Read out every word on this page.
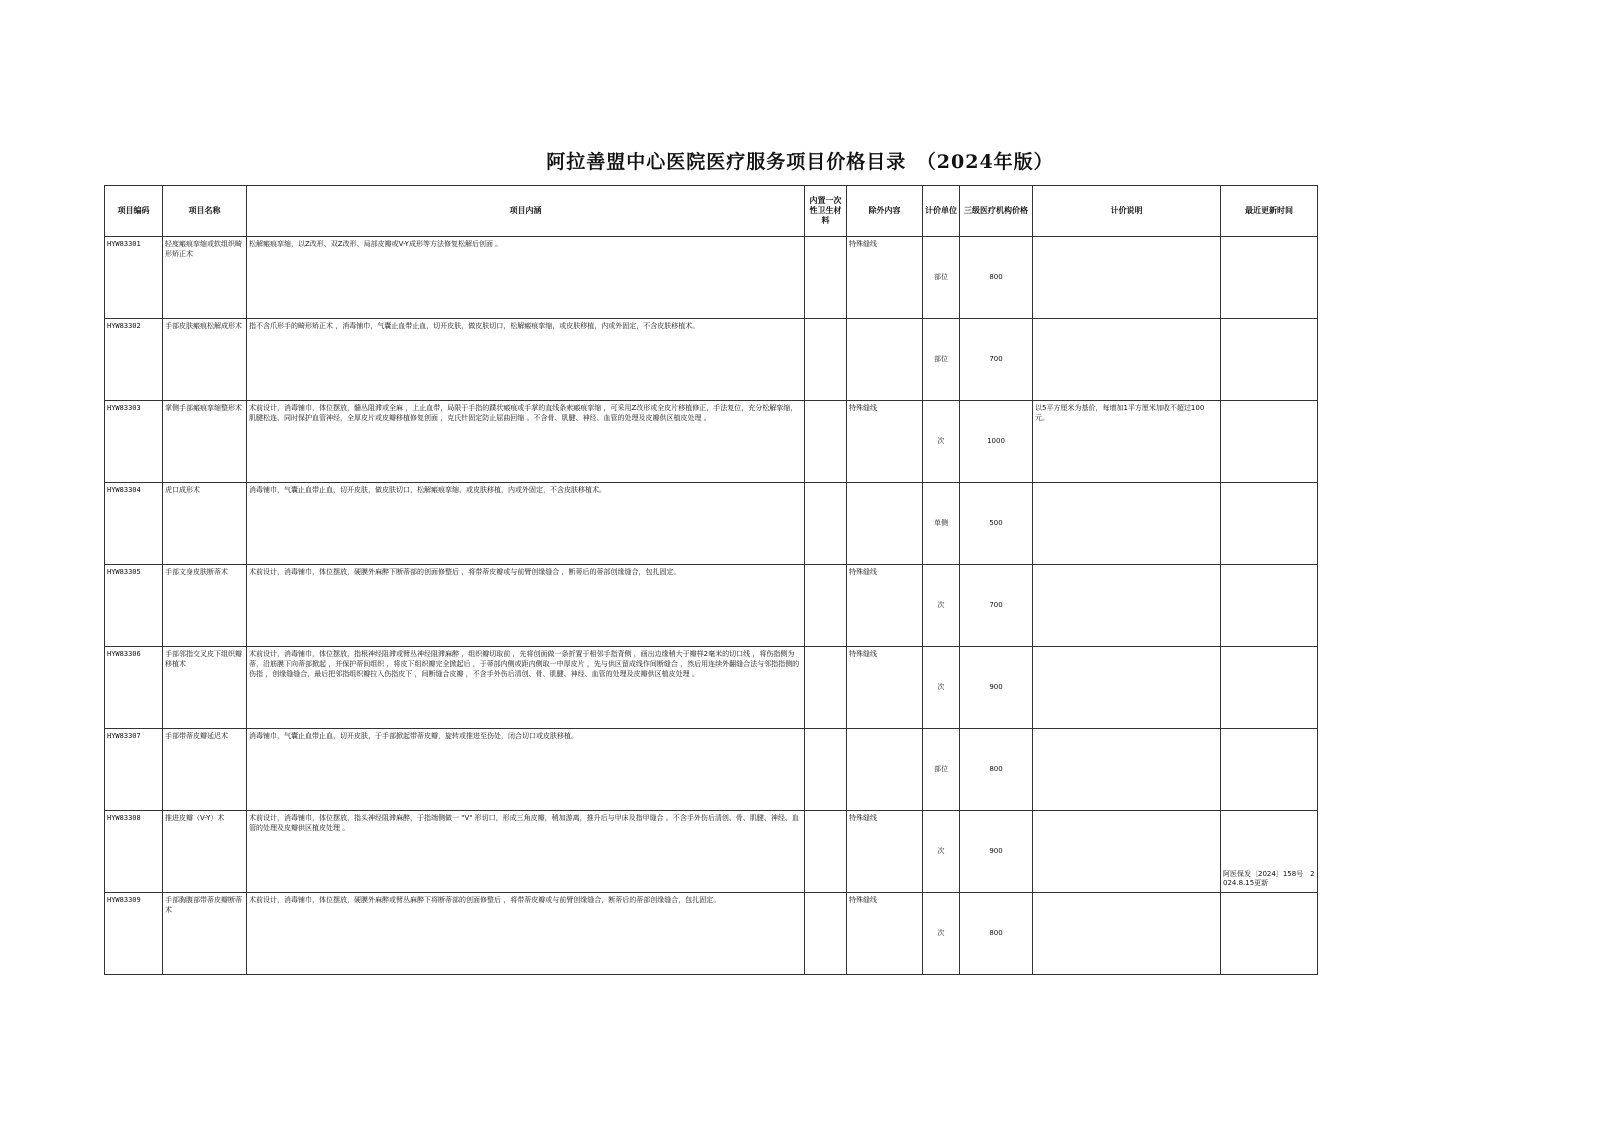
阿拉善盟中心医院医疗服务项目价格目录　（2024年版）
项目编码	项目名称	项目内涵	内置一次性卫生材料	除外内容	计价单位	三级医疗机构价格	计价说明	最近更新时间
HYW83301	轻度瘢痕挛缩或软组织畸形矫正术	松解瘢痕挛缩，以Z改形、双Z改形、局部皮瓣或V-Y成形等方法修复松解后创面 。		特殊缝线	部位	800		
HYW83302	手部皮肤瘢痕松解成形术	指不含爪形手的畸形矫正术 ，消毒铺巾，气囊止血带止血，切开皮肤，做皮肤切口，松解瘢痕挛缩，或皮肤移植，内或外固定，不含皮肤移植术。			部位	700		
HYW83303	掌侧手部瘢痕挛缩整形术	术前设计，消毒铺巾，体位摆放，髓丛阻滞或全麻 ，上止血带，局限于手指的蹼状瘢痕或手掌的直线条索瘢痕挛缩 ，可采用Z改形或全皮片移植修正，手法复位，充分松解挛缩，肌腱松连，同时保护血管神经，全厚皮片或皮瓣移植修复创面 ，克氏针固定防止屈曲回缩 。不含骨、肌腱、神经、血管的处理及皮瓣供区植皮处理 。		特殊缝线	次	1000	以5平方厘米为基价，每增加1平方厘米加收不超过100元。	
HYW83304	虎口成形术	消毒铺巾，气囊止血带止血，切开皮肤，做皮肤切口，松解瘢痕挛缩，或皮肤移植，内或外固定，不含皮肤移植术。			单侧	500		
HYW83305	手部文身皮肤断蒂术	术前设计，消毒铺巾，体位摆放，硬膜外麻醉下断蒂部的创面修整后 ，将带蒂皮瓣或与前臂创缘缝合 ，断蒂后的蒂部创缘缝合，包扎固定。		特殊缝线	次	700		
HYW83306	手部邻指交叉皮下组织瓣移植术	术前设计，消毒铺巾，体位摆放，指根神经阻滞或臂丛神经阻滞麻醉 ，组织瓣切取前 ，先将创面做一条折置于相邻手指背侧 ，画出边缘稍大于瓣样2毫米的切口线 ，将伤指侧为蒂，沿筋膜下向蒂部掀起 ，并保护蒂间组织 ，将皮下组织瓣完全掀起后 ，于蒂部内侧或距内侧取一中厚皮片 ，先与供区留成线作间断缝合 ，然后用连续外翻缝合法与邻指指侧的伤指 ，创缘缝缝合，最后把邻指组织瓣拉入伤指皮下 ，间断缝合皮瓣 ，不含手外伤后清创、骨、肌腱、神经、血管的处理及皮瓣供区植皮处理 。		特殊缝线	次	900		
HYW83307	手部带蒂皮瓣延迟术	消毒铺巾，气囊止血带止血，切开皮肤，于手部掀起带蒂皮瓣，旋转或推进至伤处，闭合切口或皮肤移植。			部位	800		
HYW83308	推进皮瓣（V-Y）术	术前设计，消毒铺巾，体位摆放，指头神经阻滞麻醉，于指端侧做一 "V" 形切口，形成三角皮瓣，稍加游离，推升后与甲床及指甲缝合 。不含手外伤后清创、骨、肌腱、神经、血管的处理及皮瓣供区植皮处理 。		特殊缝线	次	900		阿医保发〔2024〕158号　2024.8.15更新

HYW83309	手部胸腹部带蒂皮瓣断蒂术	术前设计，消毒铺巾，体位摆放，硬膜外麻醉或臂丛麻醉下将断蒂部的创面修整后 ，将带蒂皮瓣或与前臂创缘缝合，断蒂后的蒂部创缘缝合，包扎固定。		特殊缝线	次	800		
